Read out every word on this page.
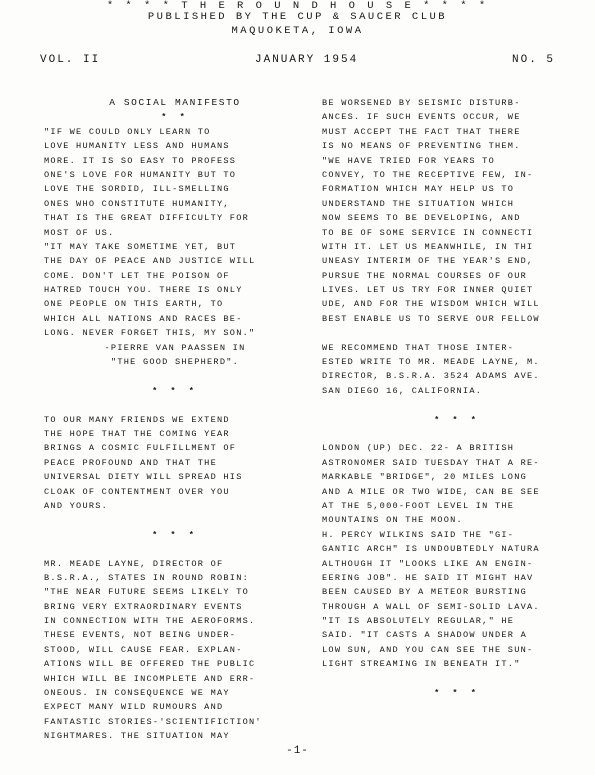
* * * * T H E R O U N D H O U S E * * * *
PUBLISHED BY THE CUP & SAUCER CLUB
MAQUOKETA, IOWA
VOL. II	JANUARY 1954	NO. 5
A SOCIAL MANIFESTO
* *
"IF WE COULD ONLY LEARN TO
LOVE HUMANITY LESS AND HUMANS
MORE. IT IS SO EASY TO PROFESS
ONE'S LOVE FOR HUMANITY BUT TO
LOVE THE SORDID, ILL-SMELLING
ONES WHO CONSTITUTE HUMANITY,
THAT IS THE GREAT DIFFICULTY FOR
MOST OF US.
"IT MAY TAKE SOMETIME YET, BUT
THE DAY OF PEACE AND JUSTICE WILL
COME. DON'T LET THE POISON OF
HATRED TOUCH YOU. THERE IS ONLY
ONE PEOPLE ON THIS EARTH, TO
WHICH ALL NATIONS AND RACES BE-
LONG. NEVER FORGET THIS, MY SON."
-PIERRE VAN PAASSEN IN
"THE GOOD SHEPHERD".
* * *
TO OUR MANY FRIENDS WE EXTEND
THE HOPE THAT THE COMING YEAR
BRINGS A COSMIC FULFILLMENT OF
PEACE PROFOUND AND THAT THE
UNIVERSAL DIETY WILL SPREAD HIS
CLOAK OF CONTENTMENT OVER YOU
AND YOURS.
* * *
MR. MEADE LAYNE, DIRECTOR OF
B.S.R.A., STATES IN ROUND ROBIN:
"THE NEAR FUTURE SEEMS LIKELY TO
BRING VERY EXTRAORDINARY EVENTS
IN CONNECTION WITH THE AEROFORMS.
THESE EVENTS, NOT BEING UNDER-
STOOD, WILL CAUSE FEAR. EXPLAN-
ATIONS WILL BE OFFERED THE PUBLIC
WHICH WILL BE INCOMPLETE AND ERR-
ONEOUS. IN CONSEQUENCE WE MAY
EXPECT MANY WILD RUMOURS AND
FANTASTIC STORIES-'SCIENTIFICTION'
NIGHTMARES. THE SITUATION MAY
BE WORSENED BY SEISMIC DISTURB-
ANCES. IF SUCH EVENTS OCCUR, WE
MUST ACCEPT THE FACT THAT THERE
IS NO MEANS OF PREVENTING THEM.
"WE HAVE TRIED FOR YEARS TO
CONVEY, TO THE RECEPTIVE FEW, IN-
FORMATION WHICH MAY HELP US TO
UNDERSTAND THE SITUATION WHICH
NOW SEEMS TO BE DEVELOPING, AND
TO BE OF SOME SERVICE IN CONNECTI
WITH IT. LET US MEANWHILE, IN THI
UNEASY INTERIM OF THE YEAR'S END,
PURSUE THE NORMAL COURSES OF OUR
LIVES. LET US TRY FOR INNER QUIET
UDE, AND FOR THE WISDOM WHICH WILL
BEST ENABLE US TO SERVE OUR FELLOW
WE RECOMMEND THAT THOSE INTER-
ESTED WRITE TO MR. MEADE LAYNE, M.
DIRECTOR, B.S.R.A. 3524 ADAMS AVE.
SAN DIEGO 16, CALIFORNIA.
* * *
LONDON (UP) DEC. 22- A BRITISH
ASTRONOMER SAID TUESDAY THAT A RE-
MARKABLE "BRIDGE", 20 MILES LONG
AND A MILE OR TWO WIDE, CAN BE SEE
AT THE 5,000-FOOT LEVEL IN THE
MOUNTAINS ON THE MOON.
H. PERCY WILKINS SAID THE "GI-
GANTIC ARCH" IS UNDOUBTEDLY NATURA
ALTHOUGH IT "LOOKS LIKE AN ENGIN-
EERING JOB". HE SAID IT MIGHT HAV
BEEN CAUSED BY A METEOR BURSTING
THROUGH A WALL OF SEMI-SOLID LAVA.
"IT IS ABSOLUTELY REGULAR," HE
SAID. "IT CASTS A SHADOW UNDER A
LOW SUN, AND YOU CAN SEE THE SUN-
LIGHT STREAMING IN BENEATH IT."
* * *
-1-
